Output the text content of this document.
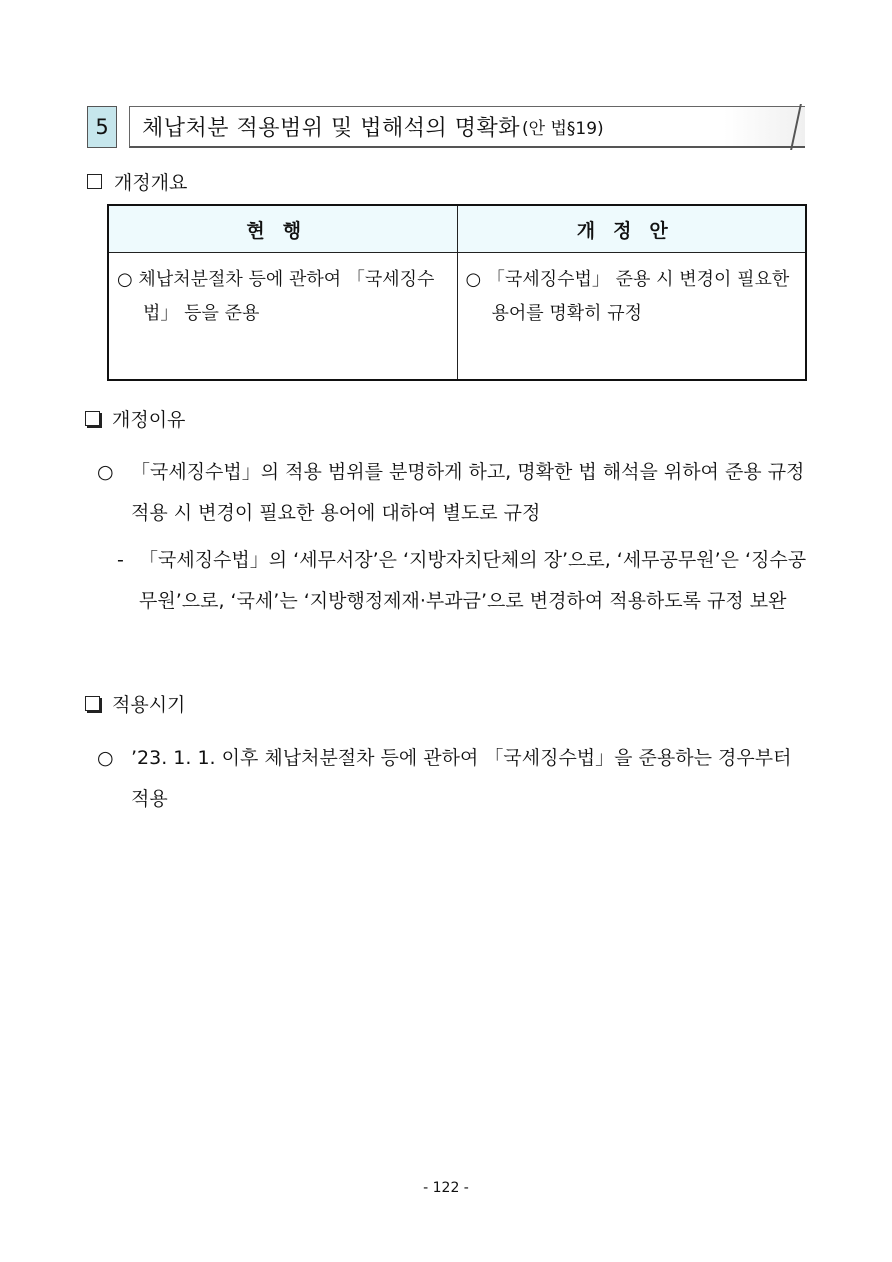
5	체납처분 적용범위 및 법해석의 명확화 (안 법§19)
개정개요
현행	개정안

○ 체납처분절차 등에 관하여 「국세징수법」 등을 준용	○ 「국세징수법」 준용 시 변경이 필요한 용어를 명확히 규정
개정이유
○ 「국세징수법」의 적용 범위를 분명하게 하고, 명확한 법 해석을 위하여 준용 규정 적용 시 변경이 필요한 용어에 대하여 별도로 규정
- 「국세징수법」의 ‘세무서장’은 ‘지방자치단체의 장’으로, ‘세무공무원’은 ‘징수공무원’으로, ‘국세’는 ‘지방행정제재·부과금’으로 변경하여 적용하도록 규정 보완
적용시기
○ ’23. 1. 1. 이후 체납처분절차 등에 관하여 「국세징수법」을 준용하는 경우부터 적용
- 122 -
